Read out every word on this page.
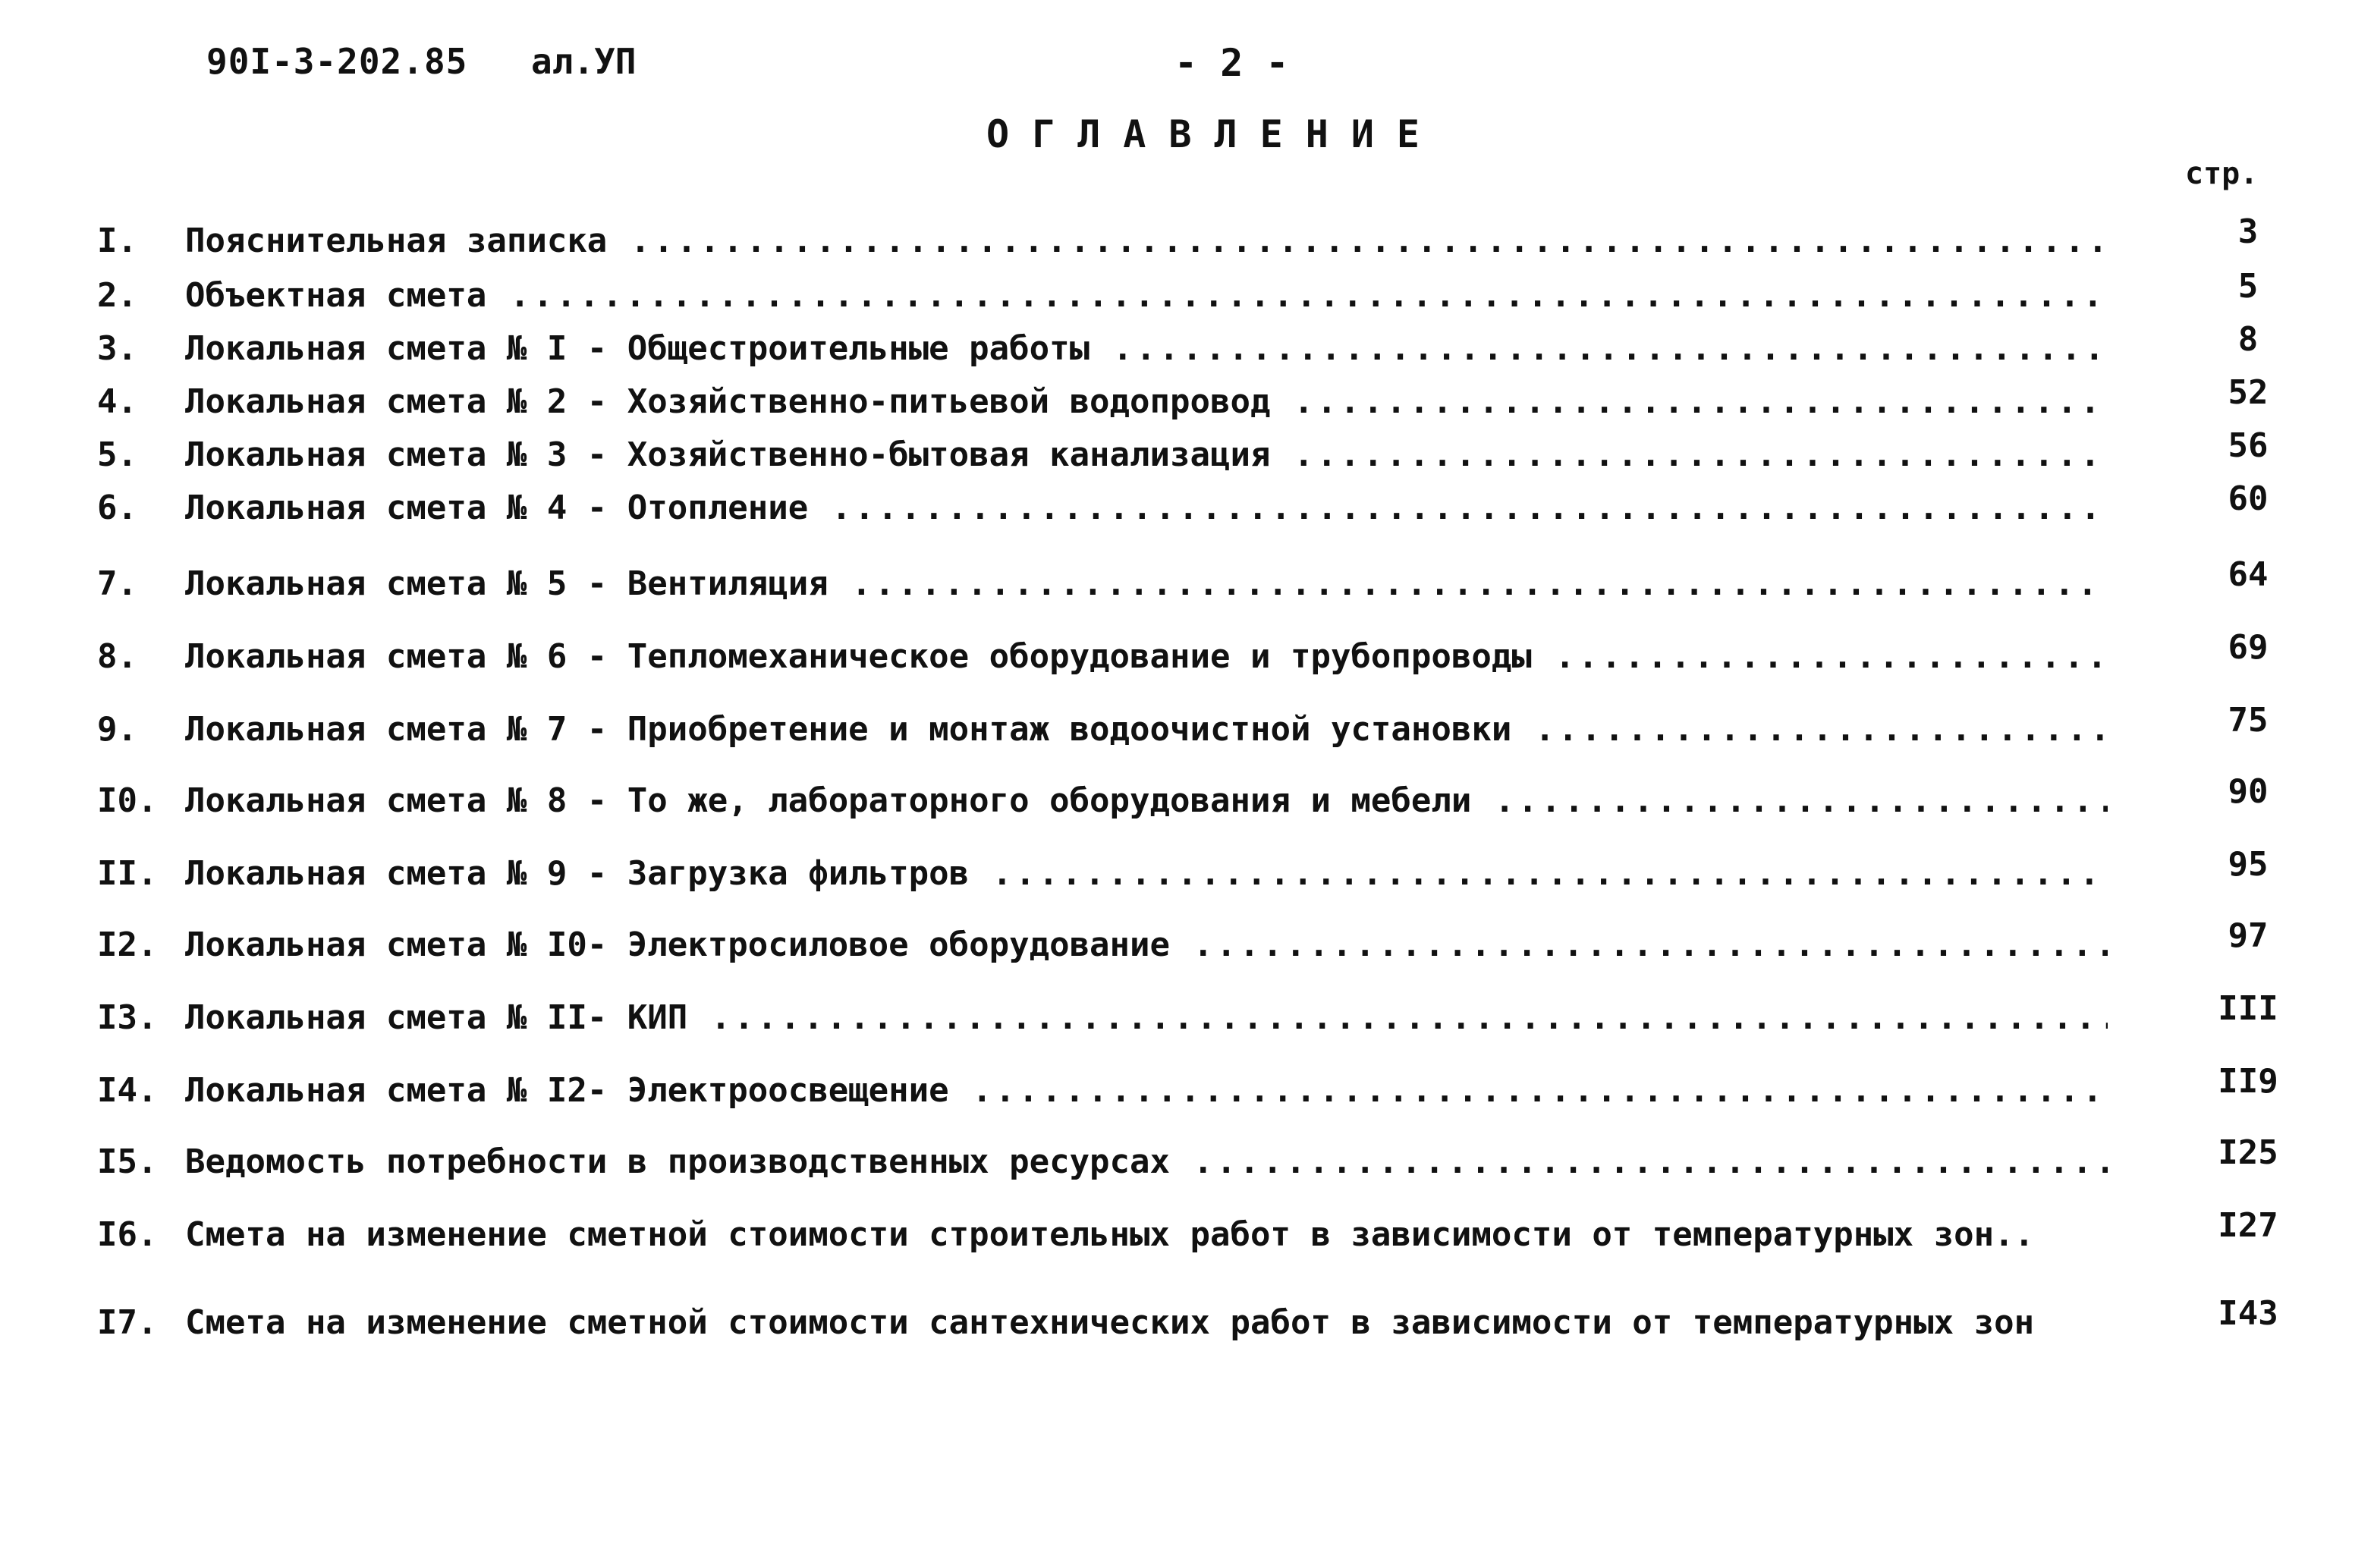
90I-3-202.85 ал.УП	- 2 -
ОГЛАВЛЕНИЕ
стр.
I. Пояснительная записка .....	3
2. Объектная смета .....	5
3. Локальная смета № I - Общестроительные работы .....	8
4. Локальная смета № 2 - Хозяйственно-питьевой водопровод .....	52
5. Локальная смета № 3 - Хозяйственно-бытовая канализация .....	56
6. Локальная смета № 4 - Отопление .....	60
7. Локальная смета № 5 - Вентиляция .....	64
8. Локальная смета № 6 - Тепломеханическое оборудование и трубопроводы .....	69
9. Локальная смета № 7 - Приобретение и монтаж водоочистной установки .....	75
I0. Локальная смета № 8 - То же, лабораторного оборудования и мебели .....	90
II. Локальная смета № 9 - Загрузка фильтров .....	95
I2. Локальная смета № I0- Электросиловое оборудование .....	97
I3. Локальная смета № II- КИП .....	III
I4. Локальная смета № I2- Электроосвещение .....	II9
I5. Ведомость потребности в производственных ресурсах .....	I25
I6. Смета на изменение сметной стоимости строительных работ в зависимости от температурных зон..	I27
I7. Смета на изменение сметной стоимости сантехнических работ в зависимости от температурных зон	I43
